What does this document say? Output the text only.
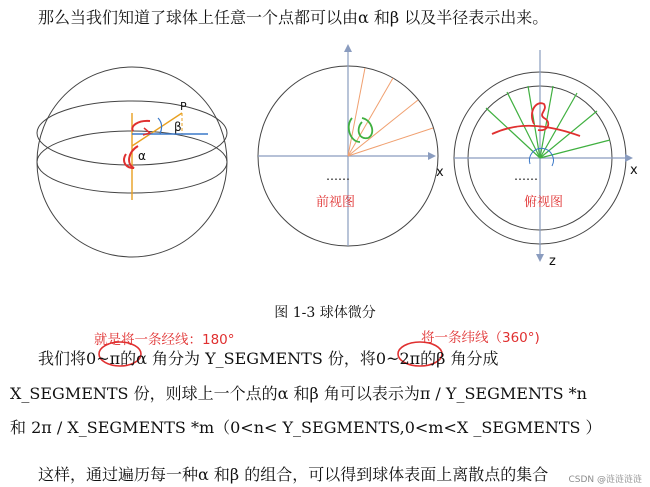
那么当我们知道了球体上任意一个点都可以由α 和β 以及半径表示出来。
P
β
α
x
……
前视图
x
z
……
俯视图
图 1-3 球体微分
就是将一条经线：180°	将一条纬线（360°)
我们将0~π的α 角分为 Y_SEGMENTS 份，将0~2π的β 角分成
X_SEGMENTS 份，则球上一个点的α 和β 角可以表示为π / Y_SEGMENTS *n
和 2π / X_SEGMENTS *m（0<n< Y_SEGMENTS,0<m<X _SEGMENTS ）
这样，通过遍历每一种α 和β 的组合，可以得到球体表面上离散点的集合 CSDN @涟涟涟涟
